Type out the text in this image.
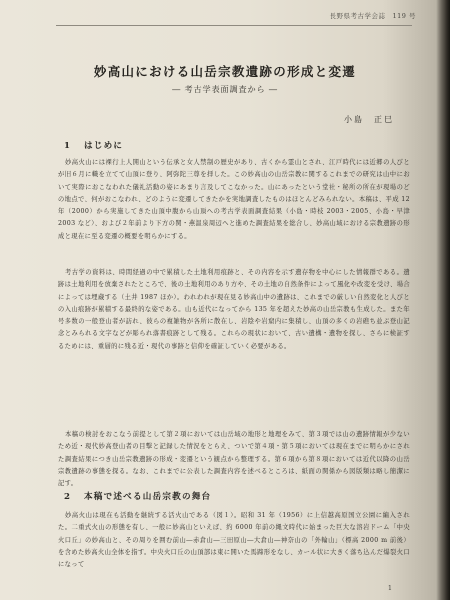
長野県考古学会誌　119 号
妙高山における山岳宗教遺跡の形成と変遷
― 考古学表面調査から ―
小島　正巳
1 はじめに

妙高火山には裸行上人開山という伝承と女人禁制の歴史があり、古くから霊山とされ、江戸時代には近郷の人びとが旧６月に幟を立てて山頂に登り、阿弥陀三尊を拝した。この妙高山の山岳宗教に関するこれまでの研究は山中において実際におこなわれた儀礼活動の姿にあまり言及してこなかった。山にあったという堂社・秘所の所在が現場のどの地点で、何がおこなわれ、どのように変遷してきたかを実地調査したものはほとんどみられない。本稿は、平成 12 年（2000）から実施してきた山頂中腹から山頂への考古学表面調査結果（小島・時枝 2003・2005、小島・早津 2003 など）、および２年前より下方の関・燕温泉周辺へと進めた調査結果を総合し、妙高山域における宗教遺跡の形成と現在に至る変遷の概要を明らかにする。

考古学の資料は、時間経過の中で累積した土地利用痕跡と、その内容を示す遺存物を中心にした情報群である。遺跡は土地利用を放棄されたところで、後の土地利用のあり方や、その土地の自然条件によって風化や改変を受け、場合によっては埋蔵する（土井 1987 ほか）。われわれが現在見る妙高山中の遺跡は、これまでの厳しい自然変化と人びとの入山痕跡が累積する最終的な姿である。山も近代になってから 135 年を超えた妙高の山岳宗教も生成した。また年号多数の一般登山者が訪れ、彼らの複雑物が各所に散在し、岩陰や岩窟内に集積し、山頂の多くの岩礁ち並ぶ登山記念とみられる文字などが彫られ落書痕跡として残る。これらの現状において、古い遺構・遺物を探し、さらに検証するためには、重層的に残る近・現代の事跡と信仰を確証していく必要がある。

本稿の検討をおこなう前提として第２項においては山岳域の地形と地理をみて、第３項では山の遺跡情報が少ないため近・現代妙高登山者の目撃と記録した情況をとらえ、ついで第４項・第５項においては現在までに明らかにされた調査結果につき山岳宗教遺跡の形成・変遷という観点から整理する。第６項から第８項においては近代以降の山岳宗教遺跡の事態を探る。なお、これまでに公表した調査内容を述べるところは、紙面の関係から図版類は略し簡潔に記す。

2 本稿で述べる山岳宗教の舞台

妙高火山は現在も活動を継続する活火山である（図１）。昭和 31 年（1956）に上信越高原国立公園に編入された。二重式火山の形態を有し、一般に妙高山といえば、約 6000 年前の縄文時代に始まった巨大な溶岩ドーム「中央火口丘」の妙高山と、その周りを囲む前山―赤倉山―三田原山―大倉山―神奈山の「外輪山」（標高 2000 m 前後）を含めた妙高火山全体を指す。中央火口丘の山頂部は東に開いた馬蹄形をなし、カール状に大きく落ち込んだ爆裂火口になって

1
